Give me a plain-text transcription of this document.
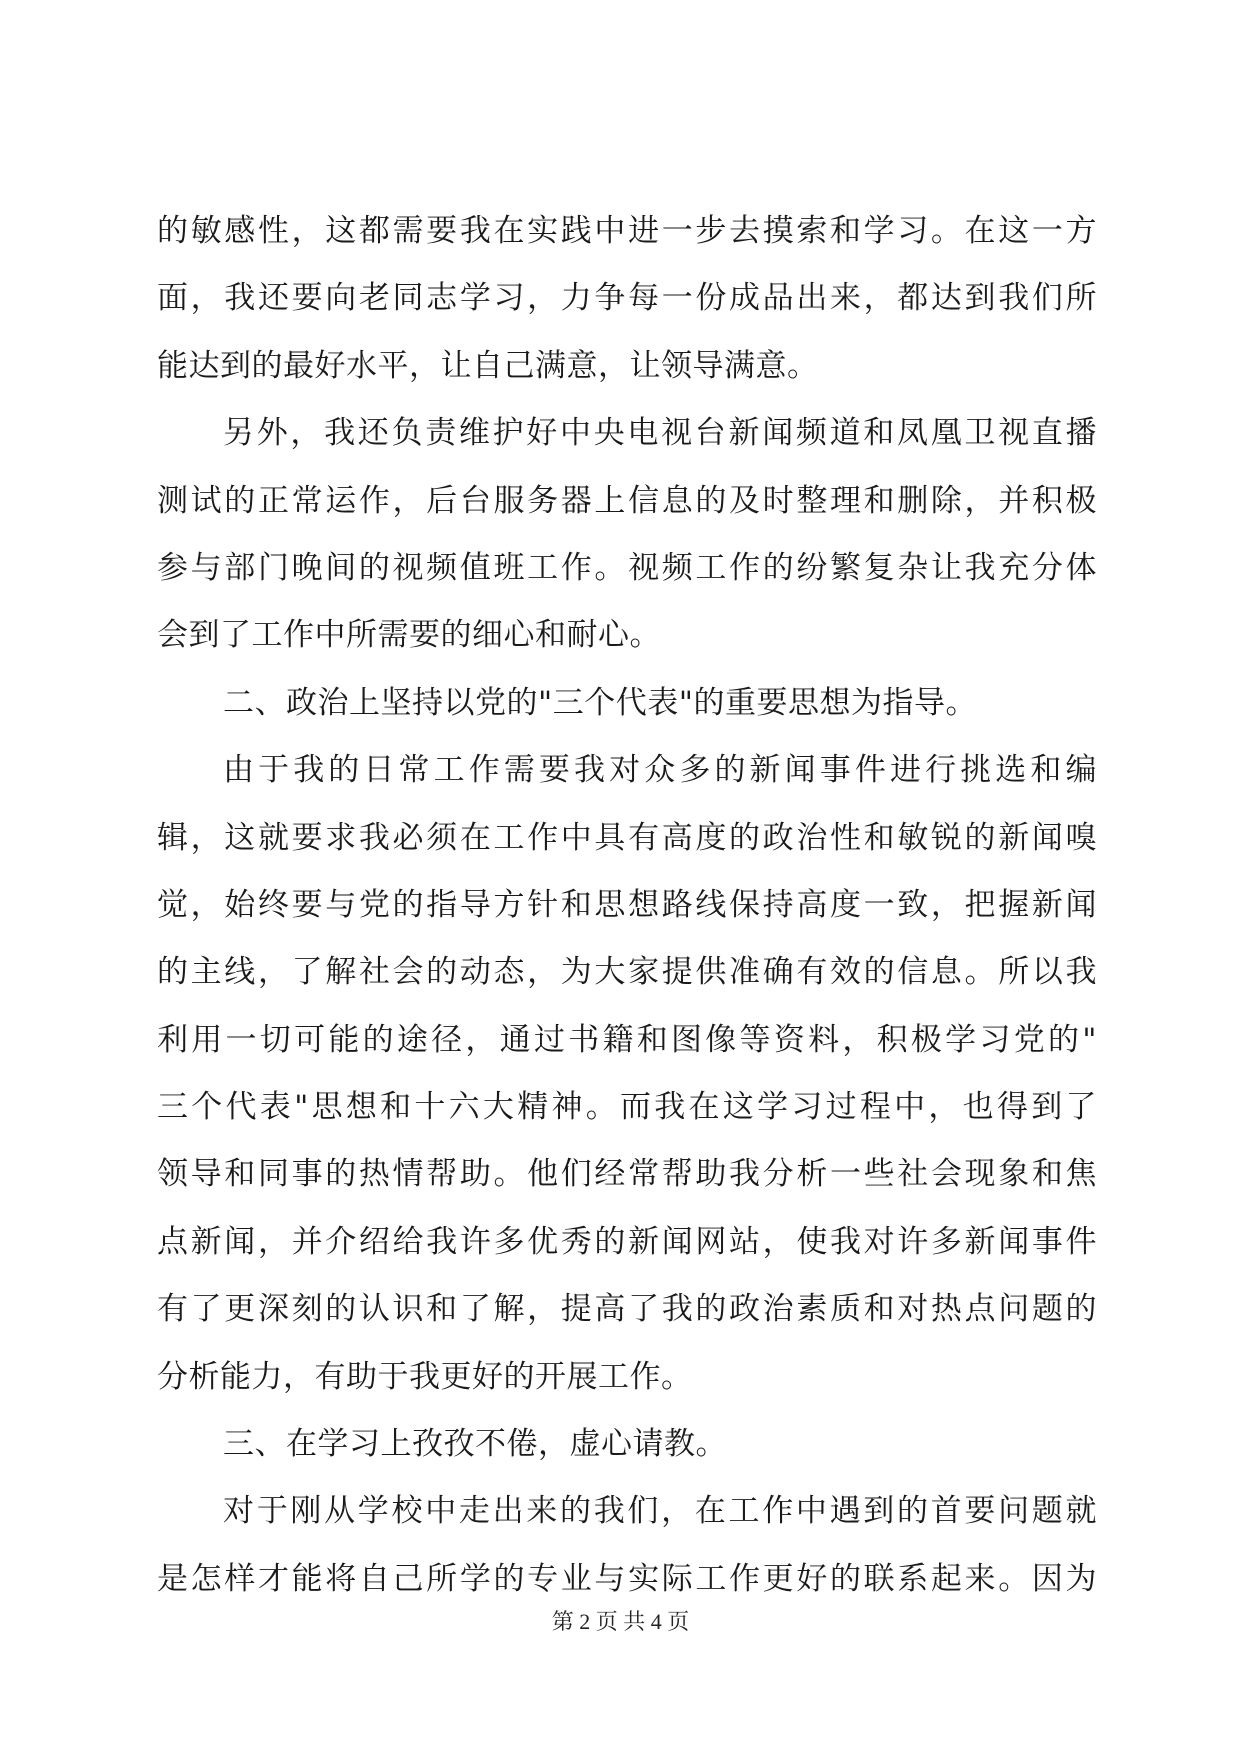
的敏感性，这都需要我在实践中进一步去摸索和学习。在这一方
面，我还要向老同志学习，力争每一份成品出来，都达到我们所
能达到的最好水平，让自己满意，让领导满意。
另外，我还负责维护好中央电视台新闻频道和凤凰卫视直播
测试的正常运作，后台服务器上信息的及时整理和删除，并积极
参与部门晚间的视频值班工作。视频工作的纷繁复杂让我充分体
会到了工作中所需要的细心和耐心。
二、政治上坚持以党的"三个代表"的重要思想为指导。
由于我的日常工作需要我对众多的新闻事件进行挑选和编
辑，这就要求我必须在工作中具有高度的政治性和敏锐的新闻嗅
觉，始终要与党的指导方针和思想路线保持高度一致，把握新闻
的主线，了解社会的动态，为大家提供准确有效的信息。所以我
利用一切可能的途径，通过书籍和图像等资料，积极学习党的"
三个代表"思想和十六大精神。而我在这学习过程中，也得到了
领导和同事的热情帮助。他们经常帮助我分析一些社会现象和焦
点新闻，并介绍给我许多优秀的新闻网站，使我对许多新闻事件
有了更深刻的认识和了解，提高了我的政治素质和对热点问题的
分析能力，有助于我更好的开展工作。
三、在学习上孜孜不倦，虚心请教。
对于刚从学校中走出来的我们，在工作中遇到的首要问题就
是怎样才能将自己所学的专业与实际工作更好的联系起来。因为
第 2 页 共 4 页
